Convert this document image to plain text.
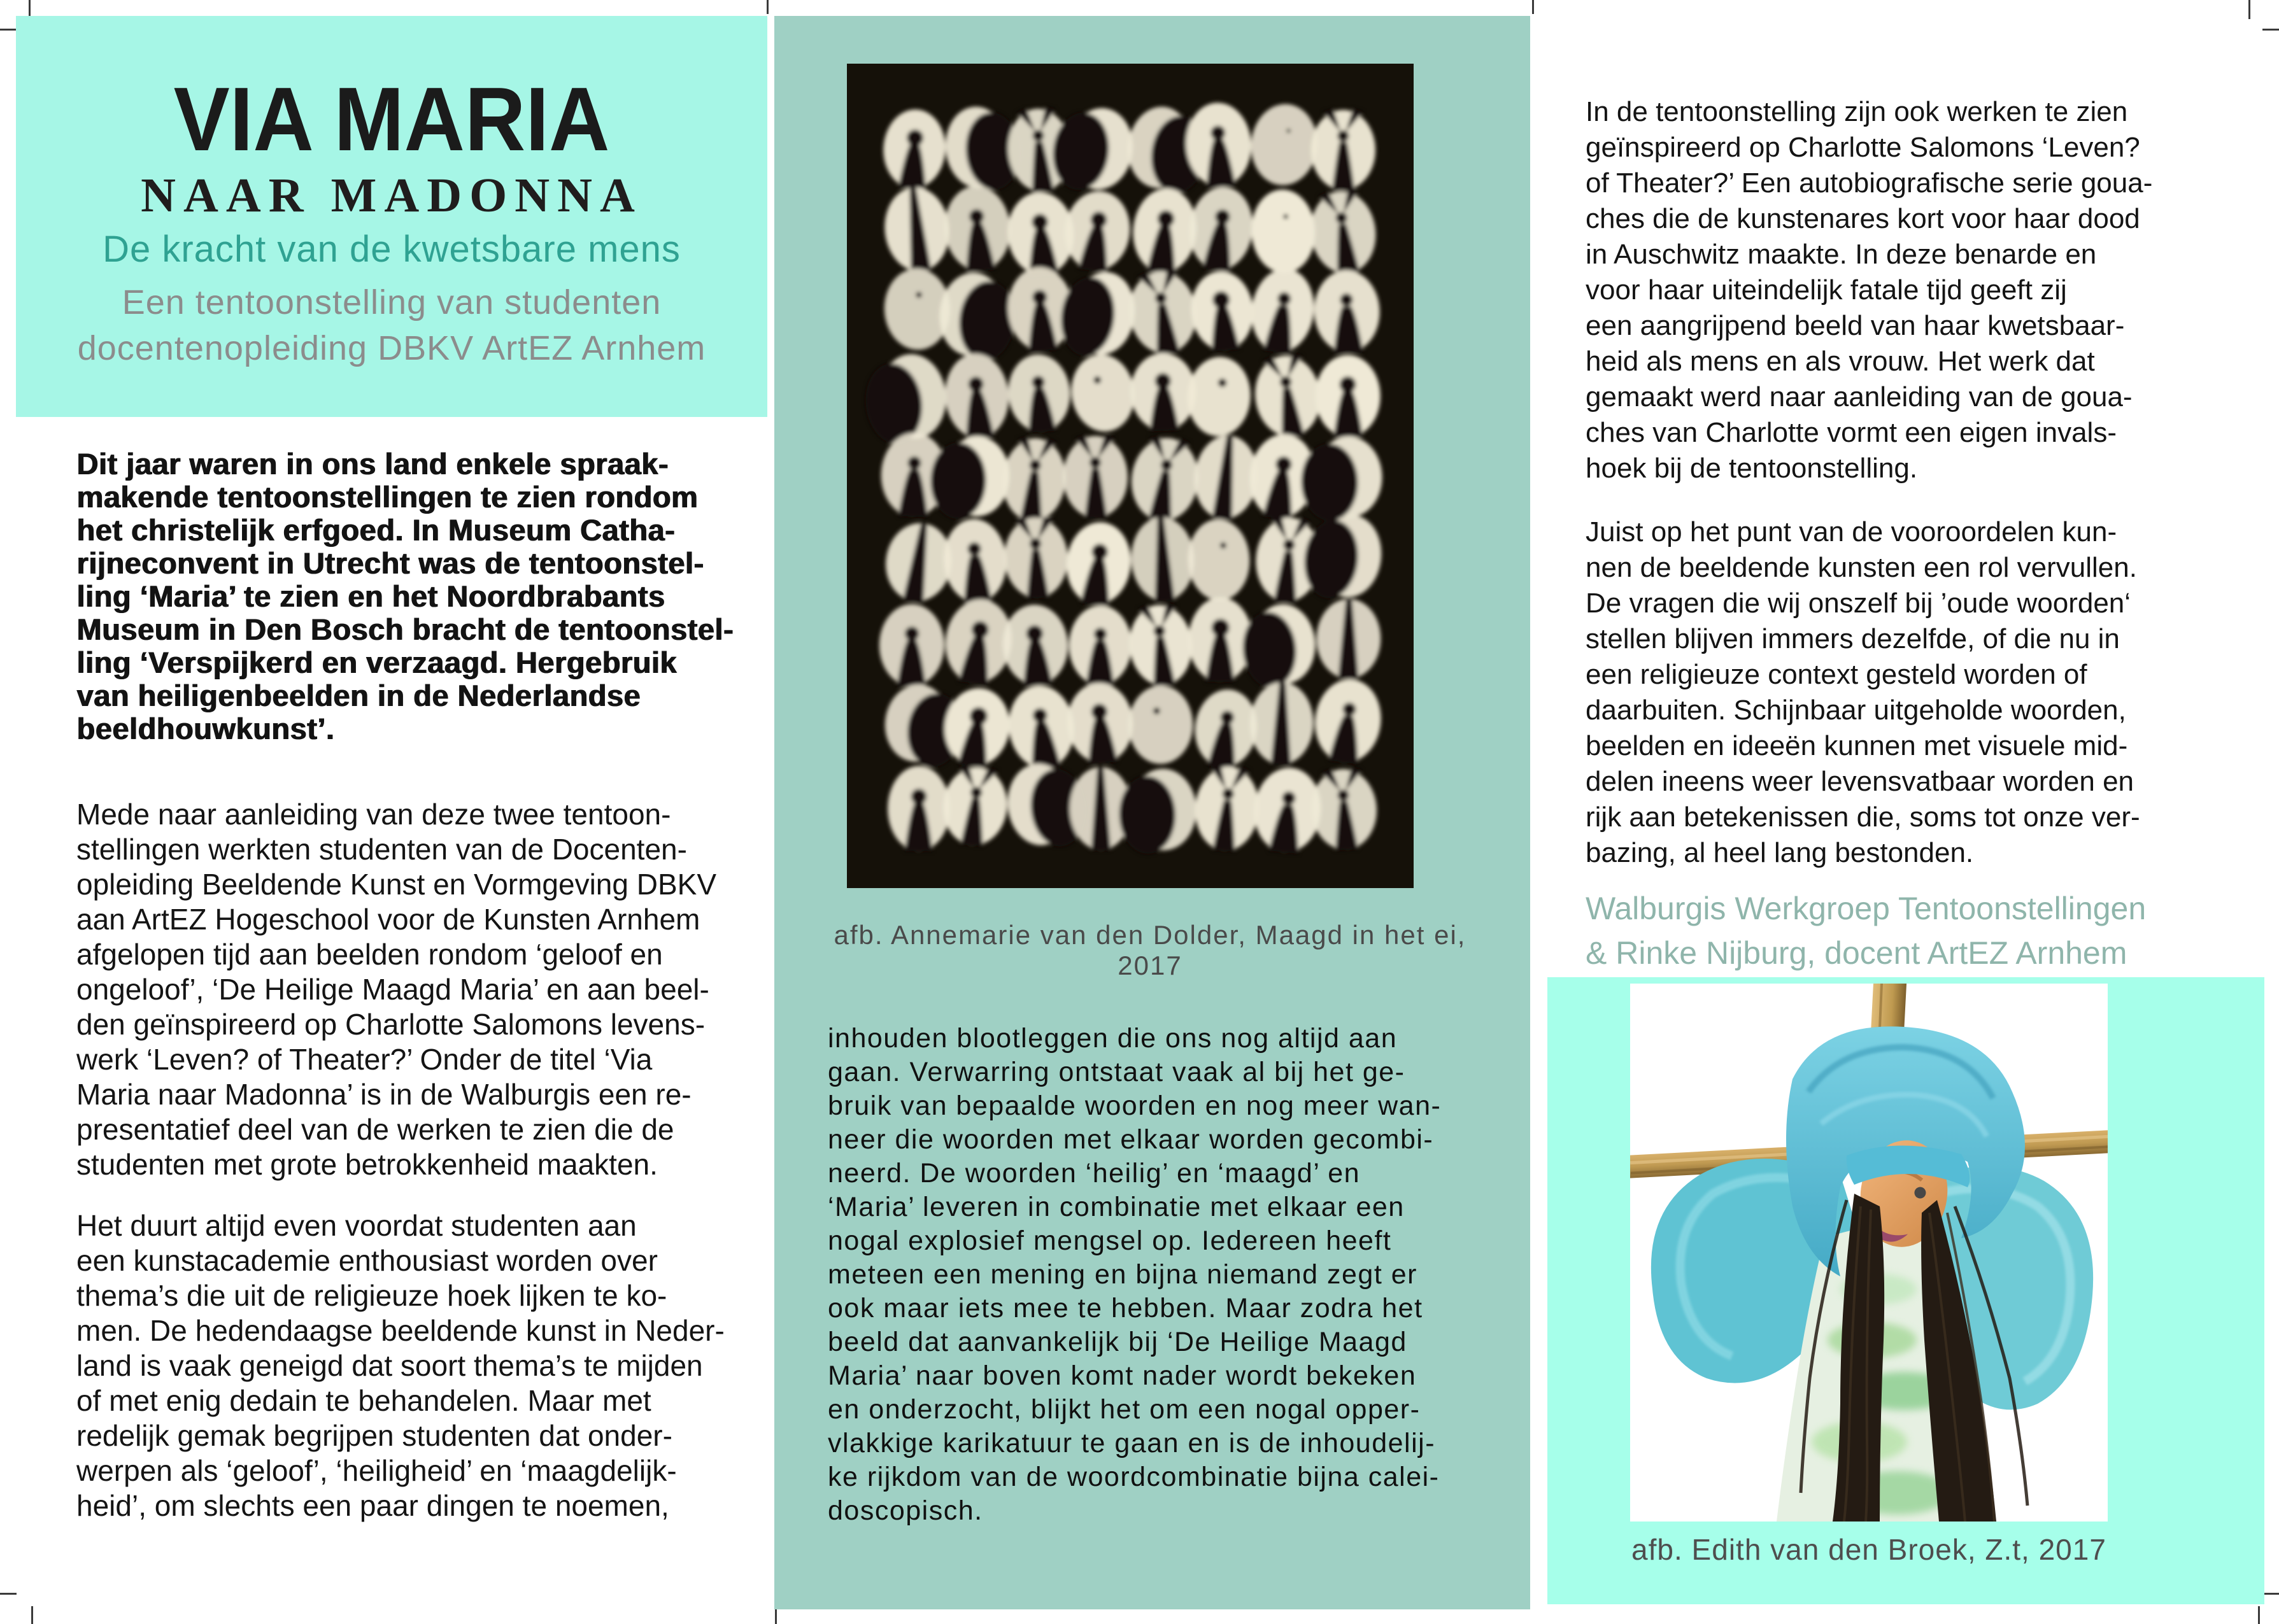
VIA MARIA
NAAR MADONNA
De kracht van de kwetsbare mens
Een tentoonstelling van studenten
docentenopleiding DBKV ArtEZ Arnhem
Dit jaar waren in ons land enkele spraak-
makende tentoonstellingen te zien rondom
het christelijk erfgoed. In Museum Catha-
rijneconvent in Utrecht was de tentoonstel-
ling ‘Maria’ te zien en het Noordbrabants
Museum in Den Bosch bracht de tentoonstel-
ling ‘Verspijkerd en verzaagd. Hergebruik
van heiligenbeelden in de Nederlandse
beeldhouwkunst’.
Mede naar aanleiding van deze twee tentoon-
stellingen werkten studenten van de Docenten-
opleiding Beeldende Kunst en Vormgeving DBKV
aan ArtEZ Hogeschool voor de Kunsten Arnhem
afgelopen tijd aan beelden rondom ‘geloof en
ongeloof’, ‘De Heilige Maagd Maria’ en aan beel-
den geïnspireerd op Charlotte Salomons levens-
werk ‘Leven? of Theater?’ Onder de titel ‘Via
Maria naar Madonna’ is in de Walburgis een re-
presentatief deel van de werken te zien die de
studenten met grote betrokkenheid maakten.
Het duurt altijd even voordat studenten aan
een kunstacademie enthousiast worden over
thema’s die uit de religieuze hoek lijken te ko-
men. De hedendaagse beeldende kunst in Neder-
land is vaak geneigd dat soort thema’s te mijden
of met enig dedain te behandelen. Maar met
redelijk gemak begrijpen studenten dat onder-
werpen als ‘geloof’, ‘heiligheid’ en ‘maagdelijk-
heid’, om slechts een paar dingen te noemen,
afb. Annemarie van den Dolder, Maagd in het ei, 2017
inhouden blootleggen die ons nog altijd aan
gaan. Verwarring ontstaat vaak al bij het ge-
bruik van bepaalde woorden en nog meer wan-
neer die woorden met elkaar worden gecombi-
neerd. De woorden ‘heilig’ en ‘maagd’ en
‘Maria’ leveren in combinatie met elkaar een
nogal explosief mengsel op. Iedereen heeft
meteen een mening en bijna niemand zegt er
ook maar iets mee te hebben. Maar zodra het
beeld dat aanvankelijk bij ‘De Heilige Maagd
Maria’ naar boven komt nader wordt bekeken
en onderzocht, blijkt het om een nogal opper-
vlakkige karikatuur te gaan en is de inhoudelij-
ke rijkdom van de woordcombinatie bijna calei-
doscopisch.
In de tentoonstelling zijn ook werken te zien
geïnspireerd op Charlotte Salomons ‘Leven?
of Theater?’ Een autobiografische serie goua-
ches die de kunstenares kort voor haar dood
in Auschwitz maakte. In deze benarde en
voor haar uiteindelijk fatale tijd geeft zij
een aangrijpend beeld van haar kwetsbaar-
heid als mens en als vrouw. Het werk dat
gemaakt werd naar aanleiding van de goua-
ches van Charlotte vormt een eigen invals-
hoek bij de tentoonstelling.
Juist op het punt van de vooroordelen kun-
nen de beeldende kunsten een rol vervullen.
De vragen die wij onszelf bij ’oude woorden‘
stellen blijven immers dezelfde, of die nu in
een religieuze context gesteld worden of
daarbuiten. Schijnbaar uitgeholde woorden,
beelden en ideeën kunnen met visuele mid-
delen ineens weer levensvatbaar worden en
rijk aan betekenissen die, soms tot onze ver-
bazing, al heel lang bestonden.
Walburgis Werkgroep Tentoonstellingen
& Rinke Nijburg, docent ArtEZ Arnhem
afb. Edith van den Broek, Z.t, 2017
